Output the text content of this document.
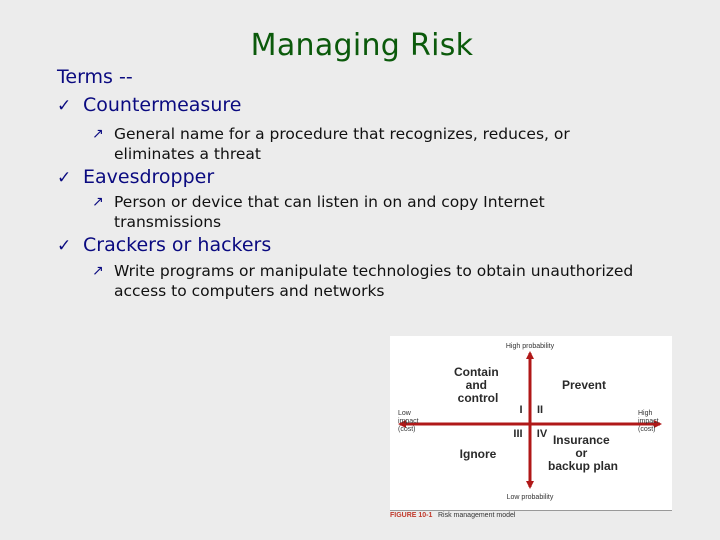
Managing Risk
Terms --
✓ Countermeasure
↗ General name for a procedure that recognizes, reduces, or eliminates a threat
✓ Eavesdropper
↗ Person or device that can listen in on and copy Internet transmissions
✓ Crackers or hackers
↗ Write programs or manipulate technologies to obtain unauthorized access to computers and networks
High probability
Low probability
Low impact (cost)
High impact (cost)
Contain and control
Prevent
Ignore
Insurance or backup plan
I II
III IV
FIGURE 10-1 Risk management model
